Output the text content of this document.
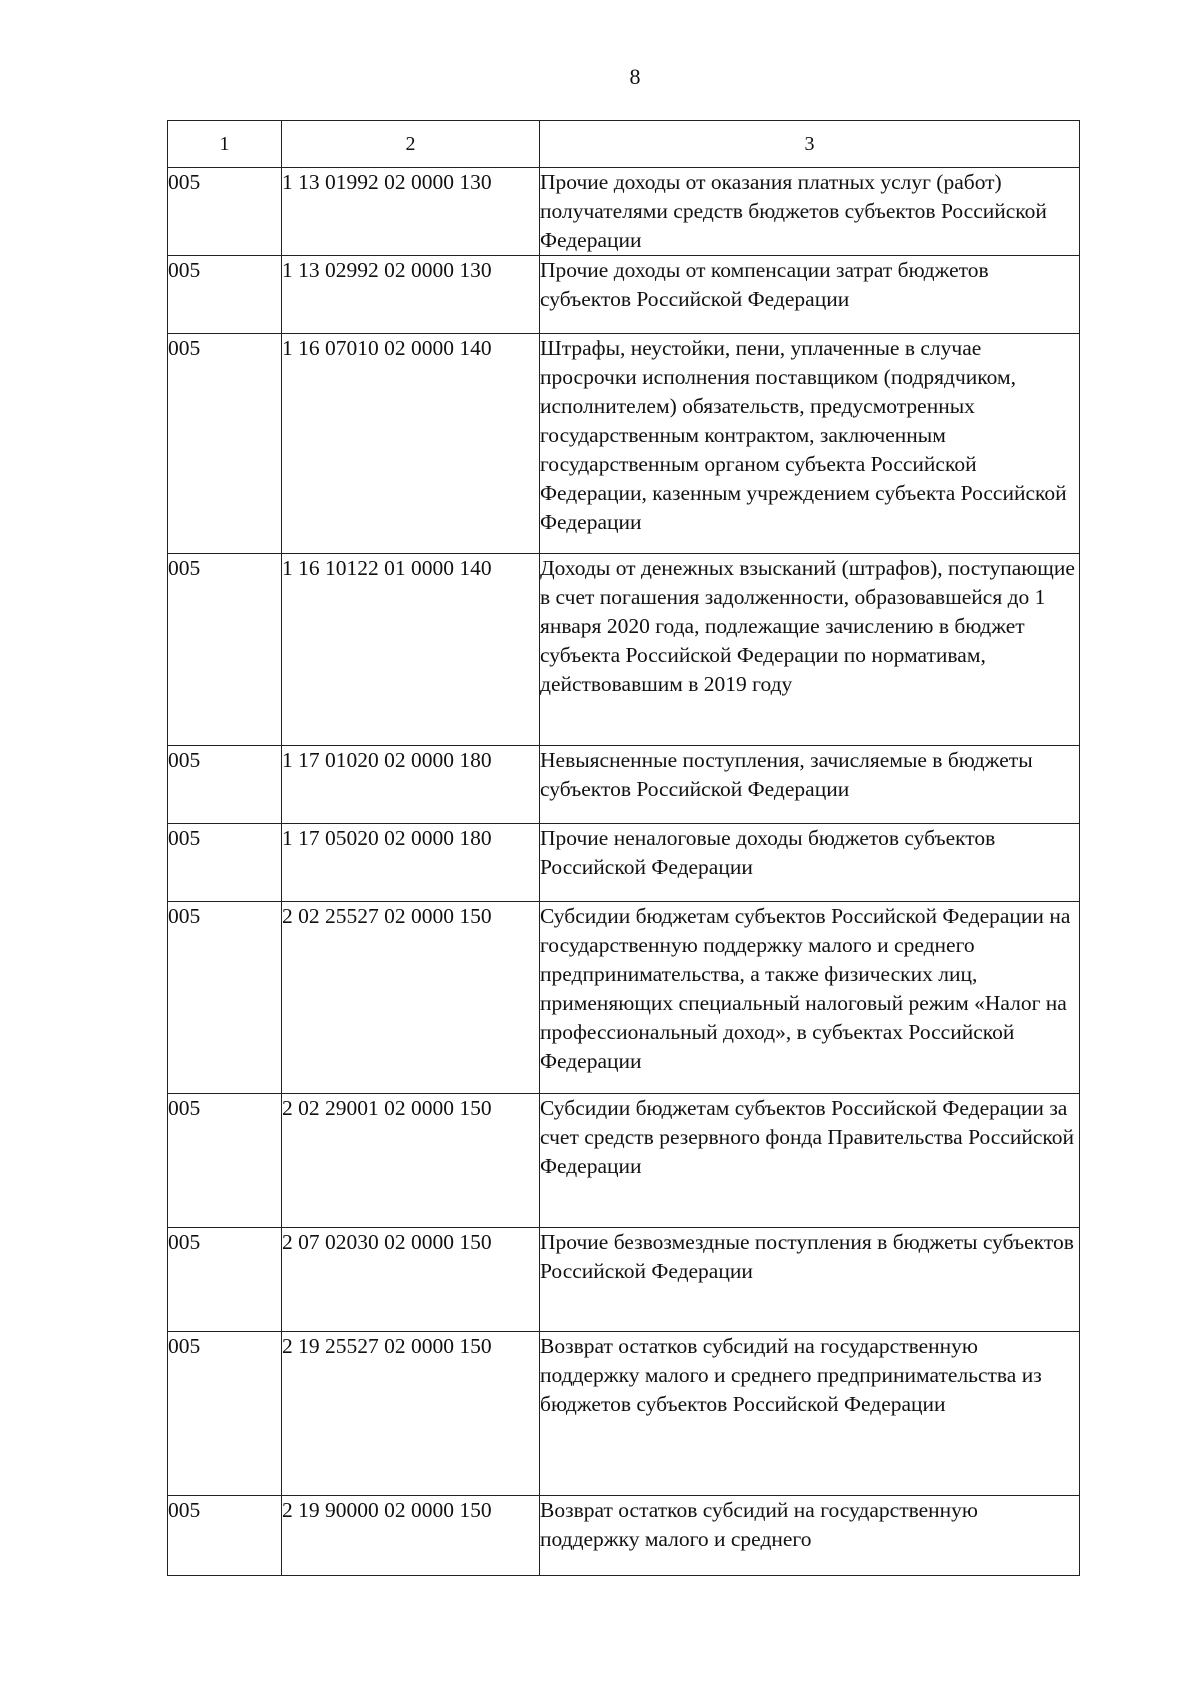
8
1	2	3
005	1 13 01992 02 0000 130	Прочие доходы от оказания платных услуг (работ) получателями средств бюджетов субъектов Российской Федерации
005	1 13 02992 02 0000 130	Прочие доходы от компенсации затрат бюджетов субъектов Российской Федерации
005	1 16 07010 02 0000 140	Штрафы, неустойки, пени, уплаченные в случае просрочки исполнения поставщиком (подрядчиком, исполнителем) обязательств, предусмотренных государственным контрактом, заключенным государственным органом субъекта Российской Федерации, казенным учреждением субъекта Российской Федерации
005	1 16 10122 01 0000 140	Доходы от денежных взысканий (штрафов), поступающие в счет погашения задолженности, образовавшейся до 1 января 2020 года, подлежащие зачислению в бюджет субъекта Российской Федерации по нормативам, действовавшим в 2019 году
005	1 17 01020 02 0000 180	Невыясненные поступления, зачисляемые в бюджеты субъектов Российской Федерации
005	1 17 05020 02 0000 180	Прочие неналоговые доходы бюджетов субъектов Российской Федерации
005	2 02 25527 02 0000 150	Субсидии бюджетам субъектов Российской Федерации на государственную поддержку малого и среднего предпринимательства, а также физических лиц, применяющих специальный налоговый режим «Налог на профессиональный доход», в субъектах Российской Федерации
005	2 02 29001 02 0000 150	Субсидии бюджетам субъектов Российской Федерации за счет средств резервного фонда Правительства Российской Федерации
005	2 07 02030 02 0000 150	Прочие безвозмездные поступления в бюджеты субъектов Российской Федерации
005	2 19 25527 02 0000 150	Возврат остатков субсидий на государственную поддержку малого и среднего предпринимательства из бюджетов субъектов Российской Федерации
005	2 19 90000 02 0000 150	Возврат остатков субсидий на государственную поддержку малого и среднего
